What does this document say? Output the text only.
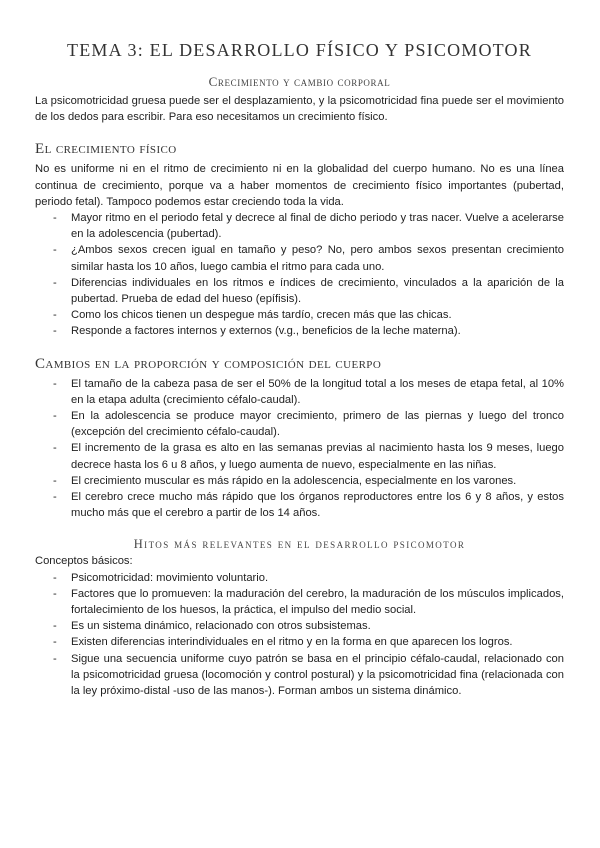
TEMA 3: EL DESARROLLO FÍSICO Y PSICOMOTOR
Crecimiento y cambio corporal

La psicomotricidad gruesa puede ser el desplazamiento, y la psicomotricidad fina puede ser el movimiento de los dedos para escribir. Para eso necesitamos un crecimiento físico.

El crecimiento físico

No es uniforme ni en el ritmo de crecimiento ni en la globalidad del cuerpo humano. No es una línea continua de crecimiento, porque va a haber momentos de crecimiento físico importantes (pubertad, periodo fetal). Tampoco podemos estar creciendo toda la vida.

- Mayor ritmo en el periodo fetal y decrece al final de dicho periodo y tras nacer. Vuelve a acelerarse en la adolescencia (pubertad).
- ¿Ambos sexos crecen igual en tamaño y peso? No, pero ambos sexos presentan crecimiento similar hasta los 10 años, luego cambia el ritmo para cada uno.
- Diferencias individuales en los ritmos e índices de crecimiento, vinculados a la aparición de la pubertad. Prueba de edad del hueso (epífisis).
- Como los chicos tienen un despegue más tardío, crecen más que las chicas.
- Responde a factores internos y externos (v.g., beneficios de la leche materna).
Cambios en la proporción y composición del cuerpo
- El tamaño de la cabeza pasa de ser el 50% de la longitud total a los meses de etapa fetal, al 10% en la etapa adulta (crecimiento céfalo-caudal).
- En la adolescencia se produce mayor crecimiento, primero de las piernas y luego del tronco (excepción del crecimiento céfalo-caudal).
- El incremento de la grasa es alto en las semanas previas al nacimiento hasta los 9 meses, luego decrece hasta los 6 u 8 años, y luego aumenta de nuevo, especialmente en las niñas.
- El crecimiento muscular es más rápido en la adolescencia, especialmente en los varones.
- El cerebro crece mucho más rápido que los órganos reproductores entre los 6 y 8 años, y estos mucho más que el cerebro a partir de los 14 años.
Hitos más relevantes en el desarrollo psicomotor

Conceptos básicos:

- Psicomotricidad: movimiento voluntario.
- Factores que lo promueven: la maduración del cerebro, la maduración de los músculos implicados, fortalecimiento de los huesos, la práctica, el impulso del medio social.
- Es un sistema dinámico, relacionado con otros subsistemas.
- Existen diferencias interindividuales en el ritmo y en la forma en que aparecen los logros.
- Sigue una secuencia uniforme cuyo patrón se basa en el principio céfalo-caudal, relacionado con la psicomotricidad gruesa (locomoción y control postural) y la psicomotricidad fina (relacionada con la ley próximo-distal -uso de las manos-). Forman ambos un sistema dinámico.
